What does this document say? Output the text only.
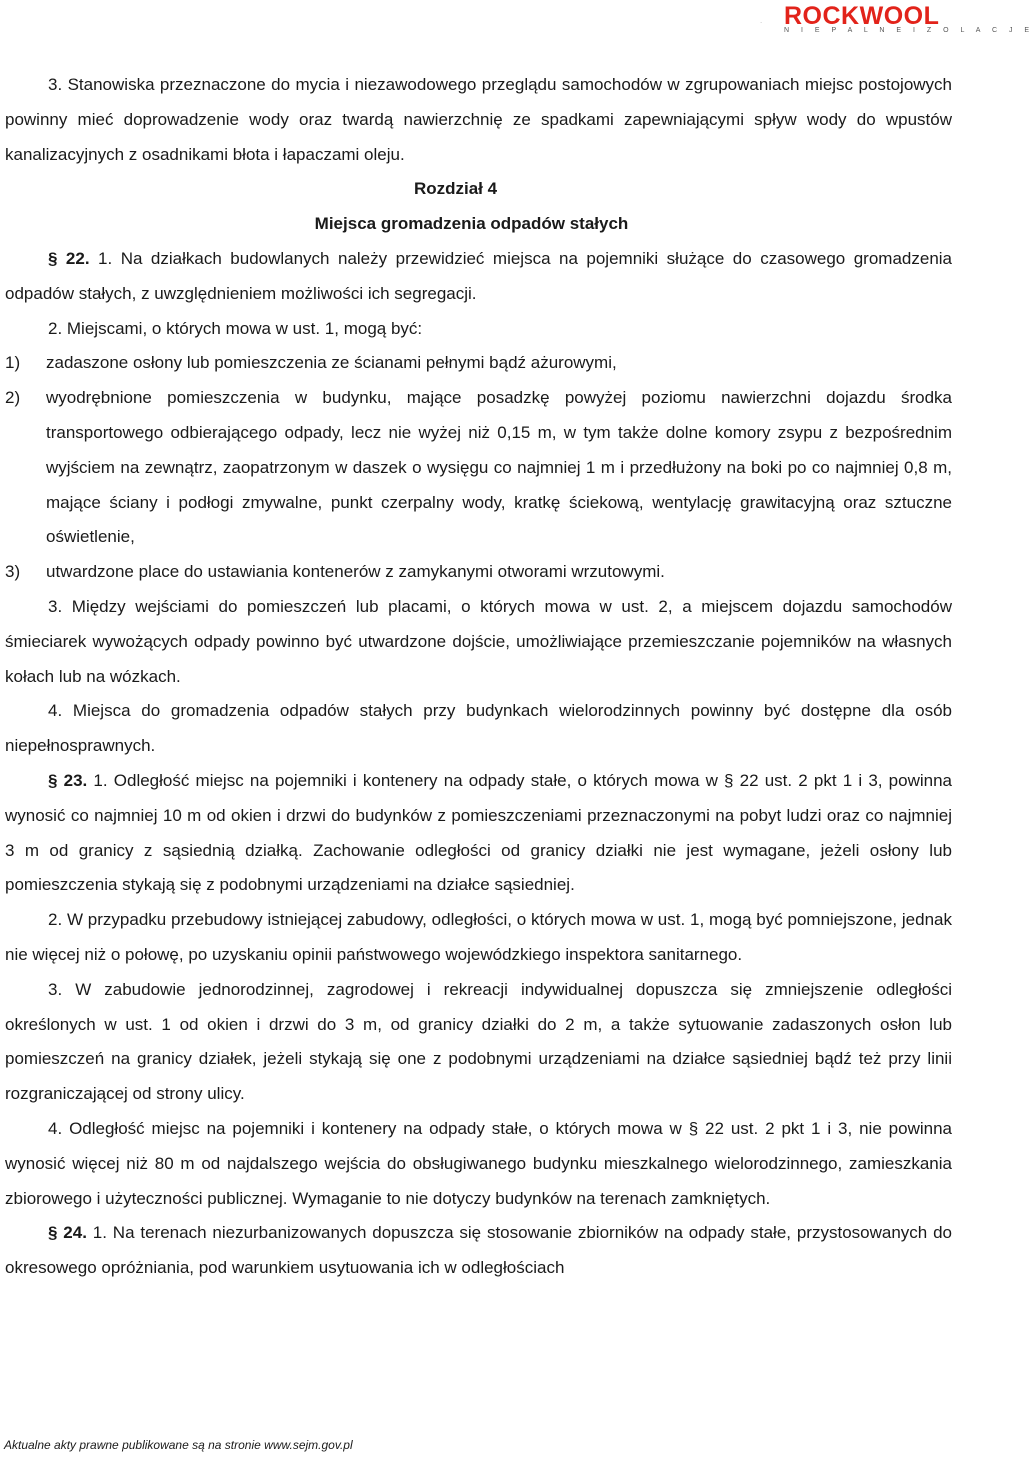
. ROCKWOOL
N I E P A L N E I Z O L A C J E

3. Stanowiska przeznaczone do mycia i niezawodowego przeglądu samochodów w zgrupowaniach miejsc postojowych powinny mieć doprowadzenie wody oraz twardą nawierzchnię ze spadkami zapewniającymi spływ wody do wpustów kanalizacyjnych z osadnikami błota i łapaczami oleju.

Rozdział 4
Miejsca gromadzenia odpadów stałych

§ 22. 1. Na działkach budowlanych należy przewidzieć miejsca na pojemniki służące do czasowego gromadzenia odpadów stałych, z uwzględnieniem możliwości ich segregacji.

2. Miejscami, o których mowa w ust. 1, mogą być:

1)	zadaszone osłony lub pomieszczenia ze ścianami pełnymi bądź ażurowymi,
2)	wyodrębnione pomieszczenia w budynku, mające posadzkę powyżej poziomu nawierzchni dojazdu środka transportowego odbierającego odpady, lecz nie wyżej niż 0,15 m, w tym także dolne komory zsypu z bezpośrednim wyjściem na zewnątrz, zaopatrzonym w daszek o wysięgu co najmniej 1 m i przedłużony na boki po co najmniej 0,8 m, mające ściany i podłogi zmywalne, punkt czerpalny wody, kratkę ściekową, wentylację grawitacyjną oraz sztuczne oświetlenie,
3)	utwardzone place do ustawiania kontenerów z zamykanymi otworami wrzutowymi.

3. Między wejściami do pomieszczeń lub placami, o których mowa w ust. 2, a miejscem dojazdu samochodów śmieciarek wywożących odpady powinno być utwardzone dojście, umożliwiające przemieszczanie pojemników na własnych kołach lub na wózkach.

4. Miejsca do gromadzenia odpadów stałych przy budynkach wielorodzinnych powinny być dostępne dla osób niepełnosprawnych.

§ 23. 1. Odległość miejsc na pojemniki i kontenery na odpady stałe, o których mowa w § 22 ust. 2 pkt 1 i 3, powinna wynosić co najmniej 10 m od okien i drzwi do budynków z pomieszczeniami przeznaczonymi na pobyt ludzi oraz co najmniej 3 m od granicy z sąsiednią działką. Zachowanie odległości od granicy działki nie jest wymagane, jeżeli osłony lub pomieszczenia stykają się z podobnymi urządzeniami na działce sąsiedniej.

2. W przypadku przebudowy istniejącej zabudowy, odległości, o których mowa w ust. 1, mogą być pomniejszone, jednak nie więcej niż o połowę, po uzyskaniu opinii państwowego wojewódzkiego inspektora sanitarnego.

3. W zabudowie jednorodzinnej, zagrodowej i rekreacji indywidualnej dopuszcza się zmniejszenie odległości określonych w ust. 1 od okien i drzwi do 3 m, od granicy działki do 2 m, a także sytuowanie zadaszonych osłon lub pomieszczeń na granicy działek, jeżeli stykają się one z podobnymi urządzeniami na działce sąsiedniej bądź też przy linii rozgraniczającej od strony ulicy.

4. Odległość miejsc na pojemniki i kontenery na odpady stałe, o których mowa w § 22 ust. 2 pkt 1 i 3, nie powinna wynosić więcej niż 80 m od najdalszego wejścia do obsługiwanego budynku mieszkalnego wielorodzinnego, zamieszkania zbiorowego i użyteczności publicznej. Wymaganie to nie dotyczy budynków na terenach zamkniętych.

§ 24. 1. Na terenach niezurbanizowanych dopuszcza się stosowanie zbiorników na odpady stałe, przystosowanych do okresowego opróżniania, pod warunkiem usytuowania ich w odległościach

Aktualne akty prawne publikowane są na stronie www.sejm.gov.pl
